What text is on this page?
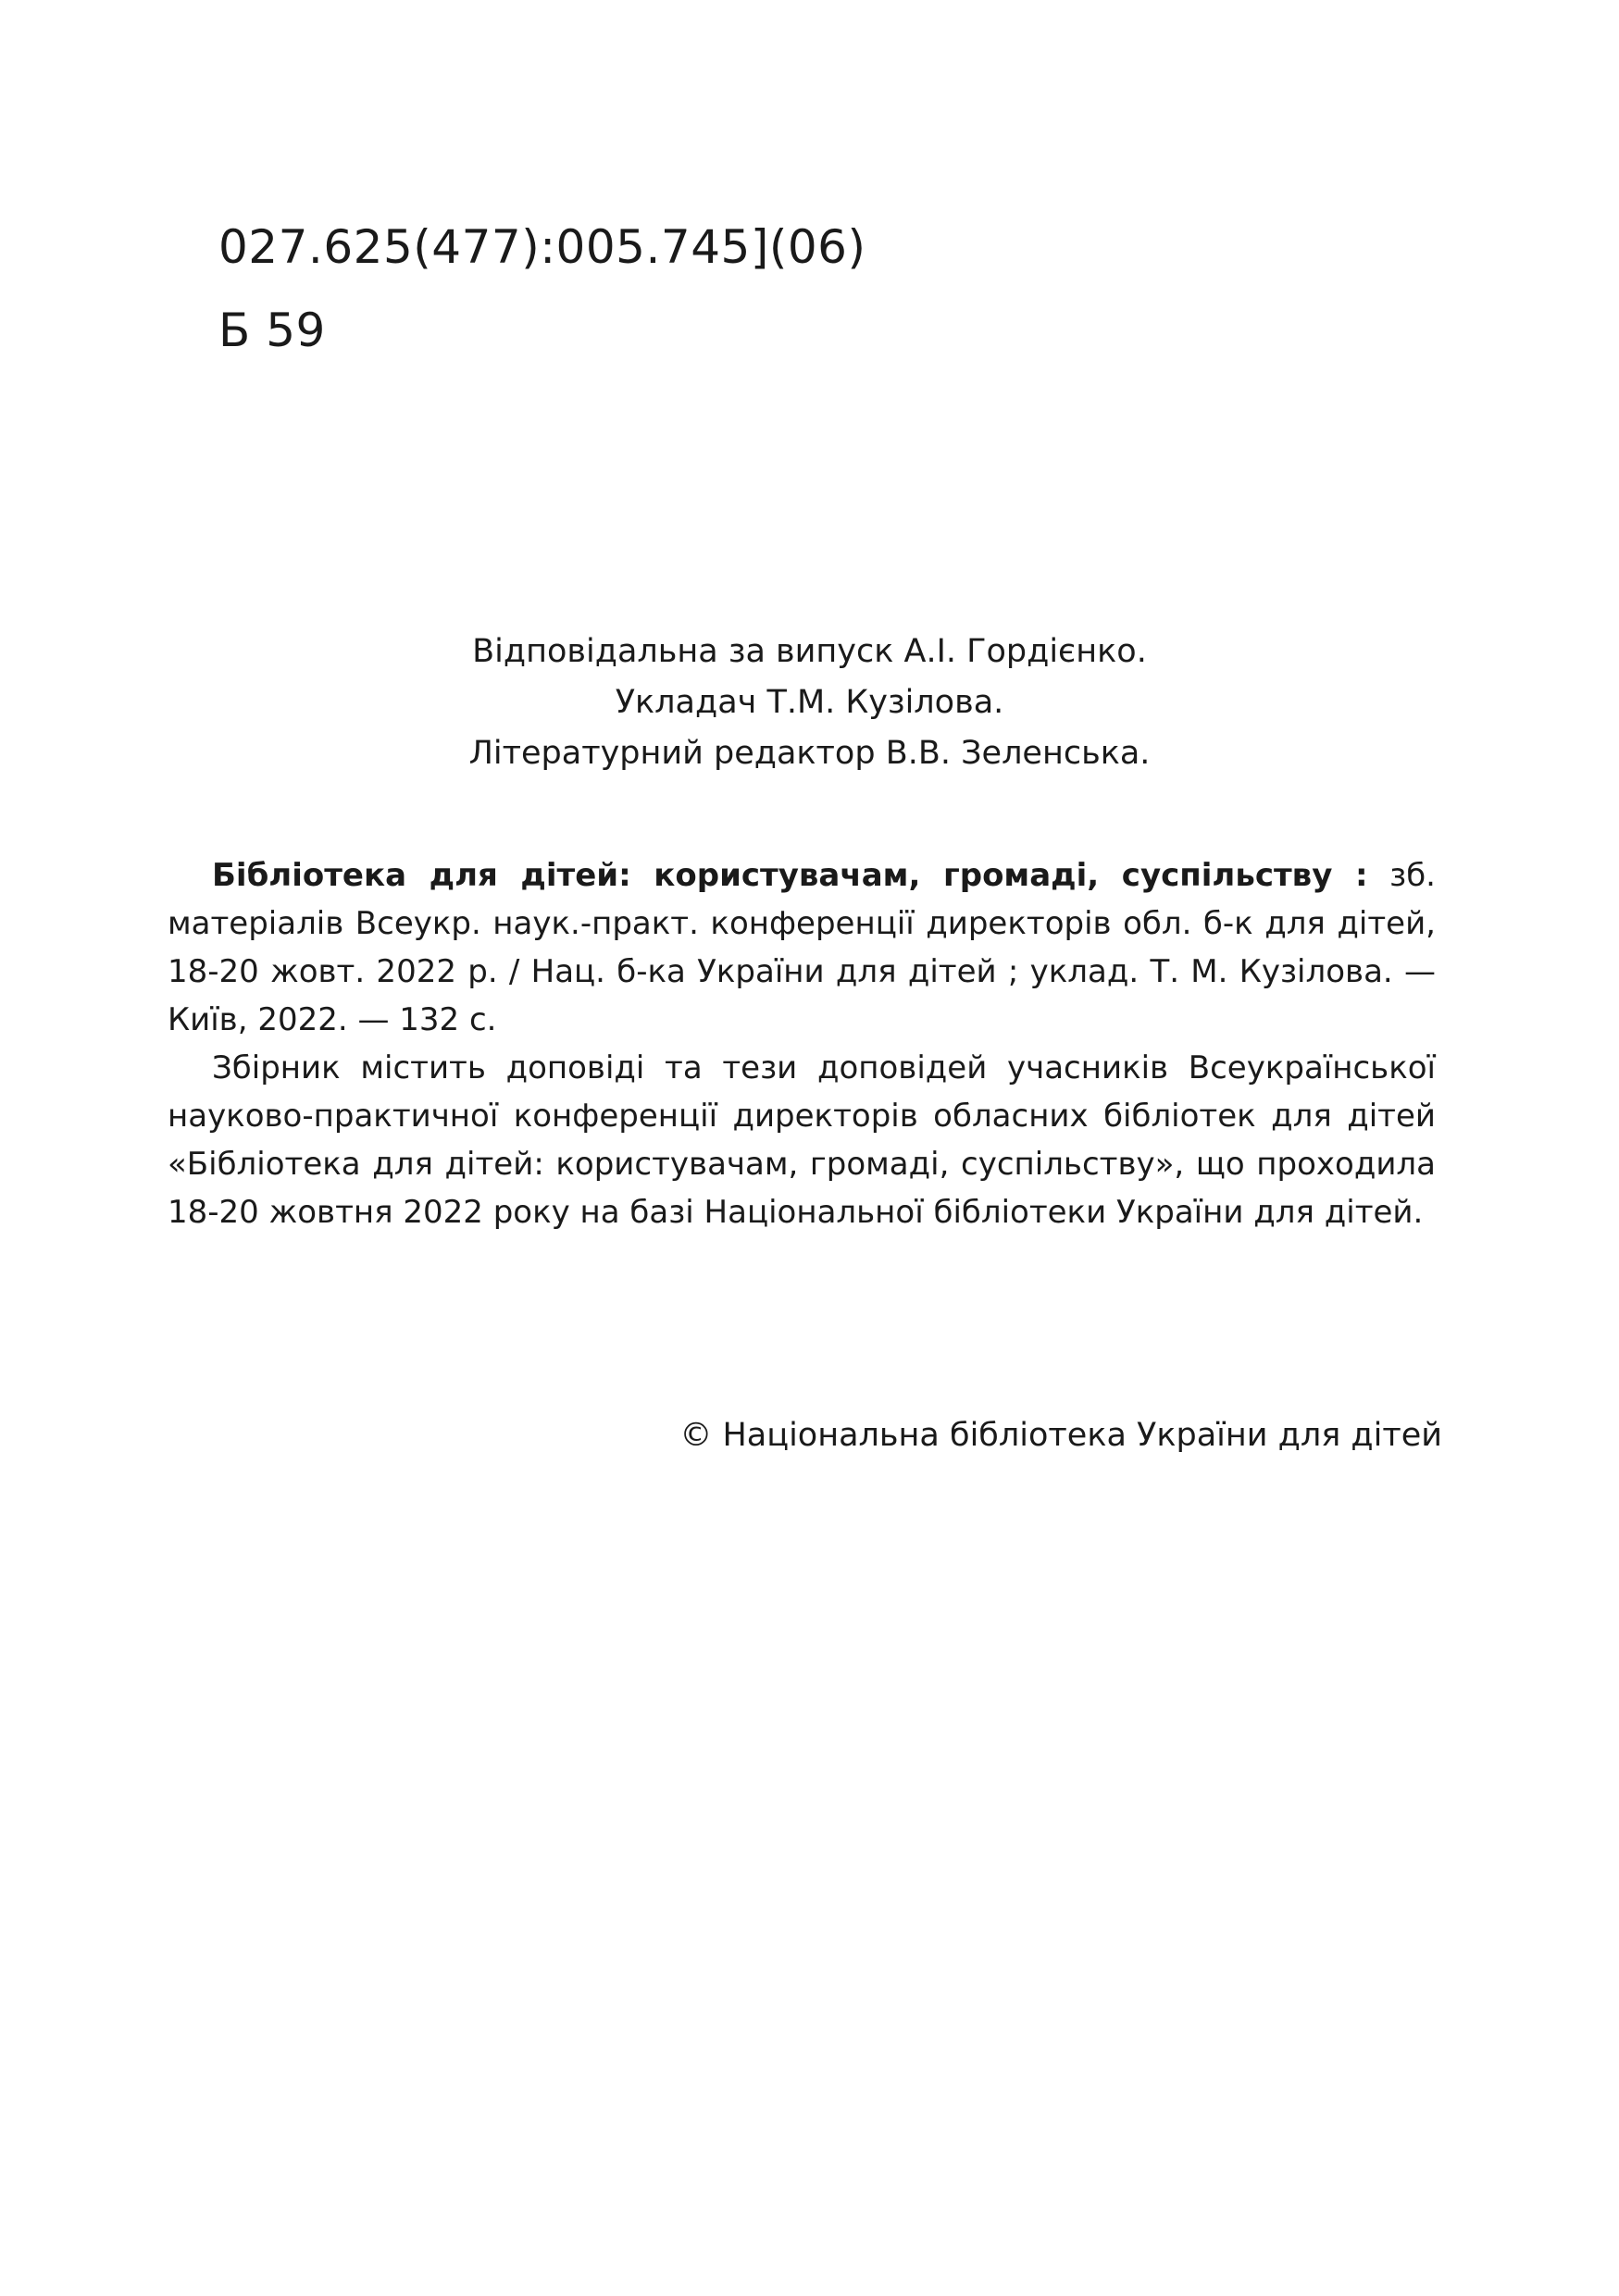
027.625(477):005.745](06)
Б 59
Відповідальна за випуск А.І. Гордієнко.
Укладач Т.М. Кузілова.
Літературний редактор В.В. Зеленська.

Бібліотека для дітей: користувачам, громаді, суспільству : зб. матеріалів Всеукр. наук.-практ. конференції директорів обл. б-к для дітей, 18-20 жовт. 2022 р. / Нац. б-ка України для дітей ; уклад. Т. М. Кузілова. — Київ, 2022. — 132 с.

Збірник містить доповіді та тези доповідей учасників Всеукраїнської науково-практичної конференції директорів обласних бібліотек для дітей «Бібліотека для дітей: користувачам, громаді, суспільству», що проходила 18-20 жовтня 2022 року на базі Національної бібліотеки України для дітей.

© Національна бібліотека України для дітей
